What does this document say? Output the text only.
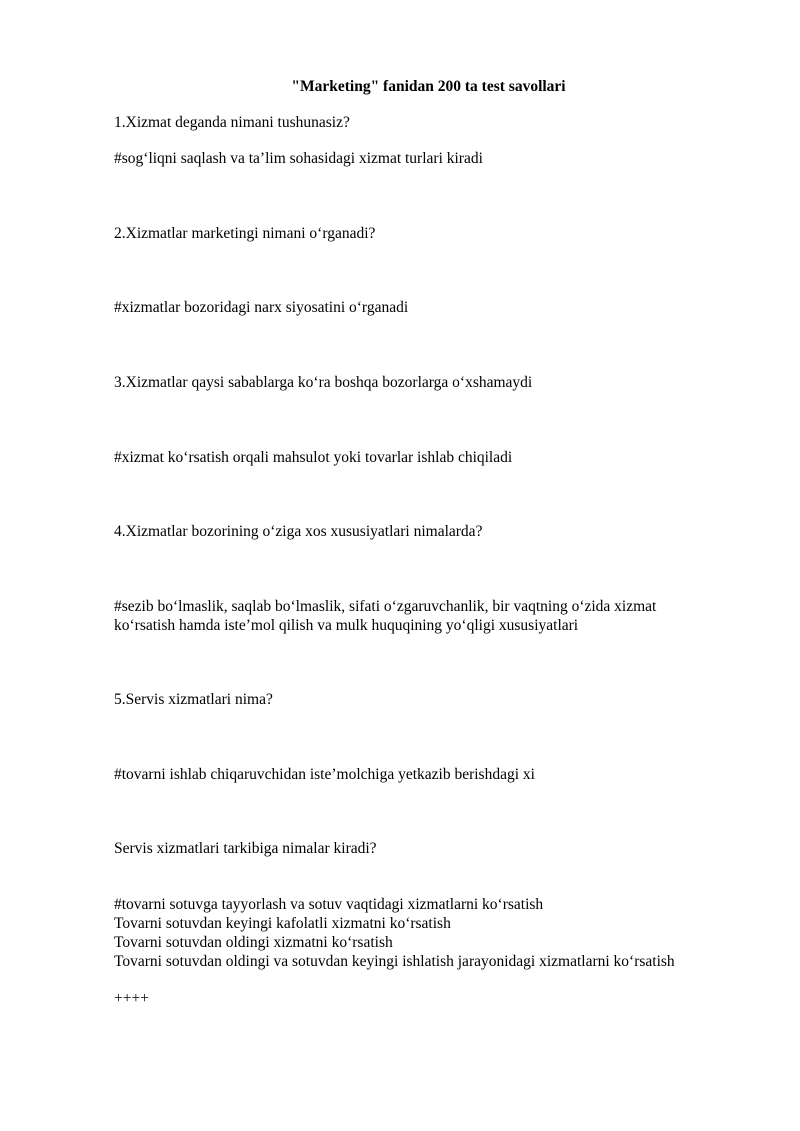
"Marketing" fanidan 200 ta test savollari

1.Xizmat deganda nimani tushunasiz?

#sog‘liqni saqlash va ta’lim sohasidagi xizmat turlari kiradi

2.Xizmatlar marketingi nimani o‘rganadi?

#xizmatlar bozoridagi narx siyosatini o‘rganadi

3.Xizmatlar qaysi sabablarga ko‘ra boshqa bozorlarga o‘xshamaydi

#xizmat ko‘rsatish orqali mahsulot yoki tovarlar ishlab chiqiladi

4.Xizmatlar bozorining o‘ziga xos xususiyatlari nimalarda?

#sezib bo‘lmaslik, saqlab bo‘lmaslik, sifati o‘zgaruvchanlik, bir vaqtning o‘zida xizmat
ko‘rsatish hamda iste’mol qilish va mulk huquqining yo‘qligi xususiyatlari

5.Servis xizmatlari nima?

#tovarni ishlab chiqaruvchidan iste’molchiga yetkazib berishdagi xi

Servis xizmatlari tarkibiga nimalar kiradi?

#tovarni sotuvga tayyorlash va sotuv vaqtidagi xizmatlarni ko‘rsatish
Tovarni sotuvdan keyingi kafolatli xizmatni ko‘rsatish
Tovarni sotuvdan oldingi xizmatni ko‘rsatish
Tovarni sotuvdan oldingi va sotuvdan keyingi ishlatish jarayonidagi xizmatlarni ko‘rsatish

++++
